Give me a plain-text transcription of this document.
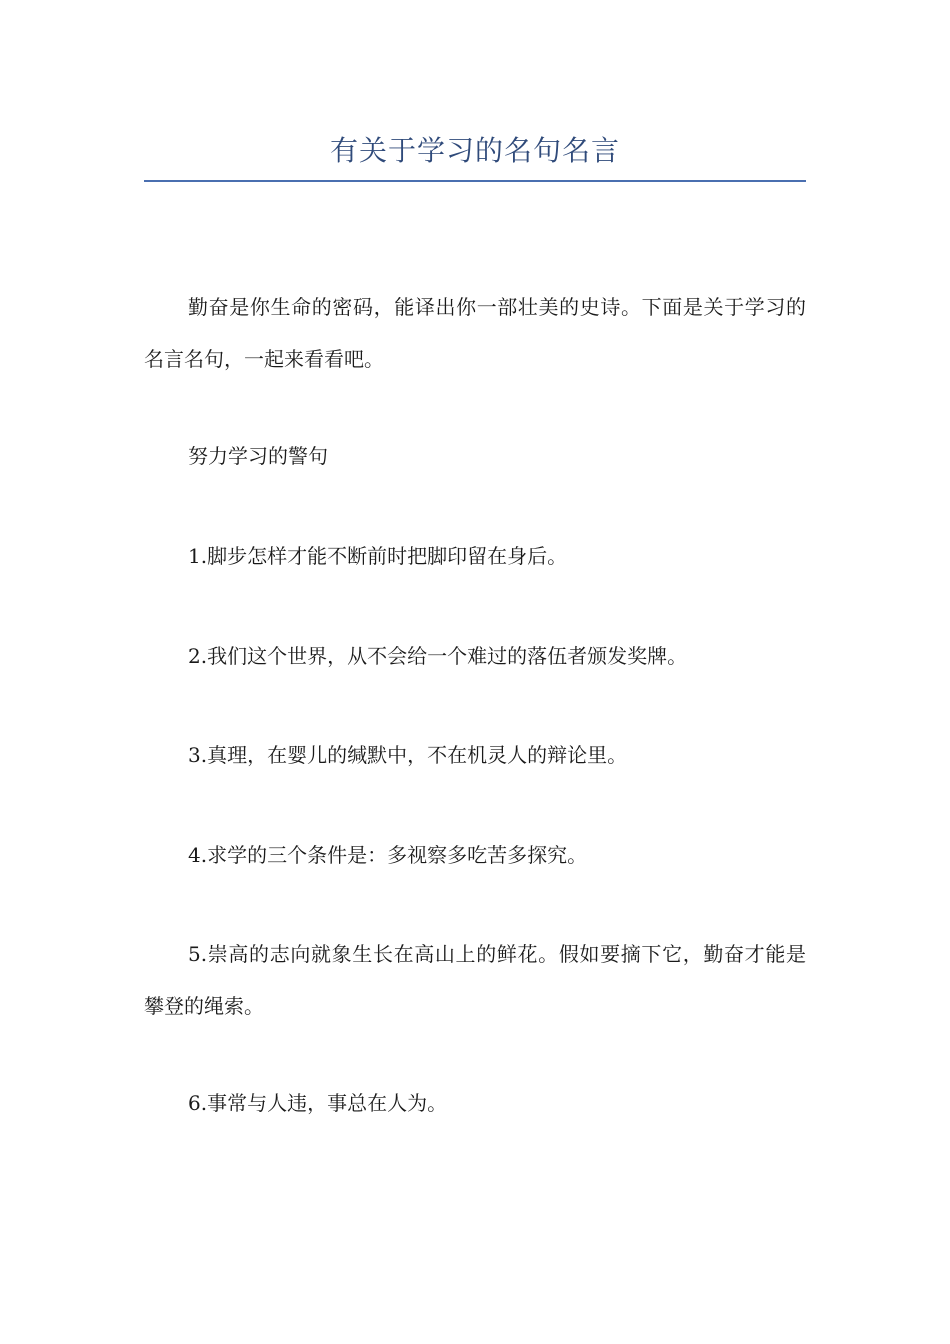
有关于学习的名句名言

勤奋是你生命的密码，能译出你一部壮美的史诗。下面是关于学习的名言名句，一起来看看吧。

努力学习的警句

1.脚步怎样才能不断前时把脚印留在身后。

2.我们这个世界，从不会给一个难过的落伍者颁发奖牌。

3.真理，在婴儿的缄默中，不在机灵人的辩论里。

4.求学的三个条件是：多视察多吃苦多探究。

5.崇高的志向就象生长在高山上的鲜花。假如要摘下它，勤奋才能是攀登的绳索。

6.事常与人违，事总在人为。
